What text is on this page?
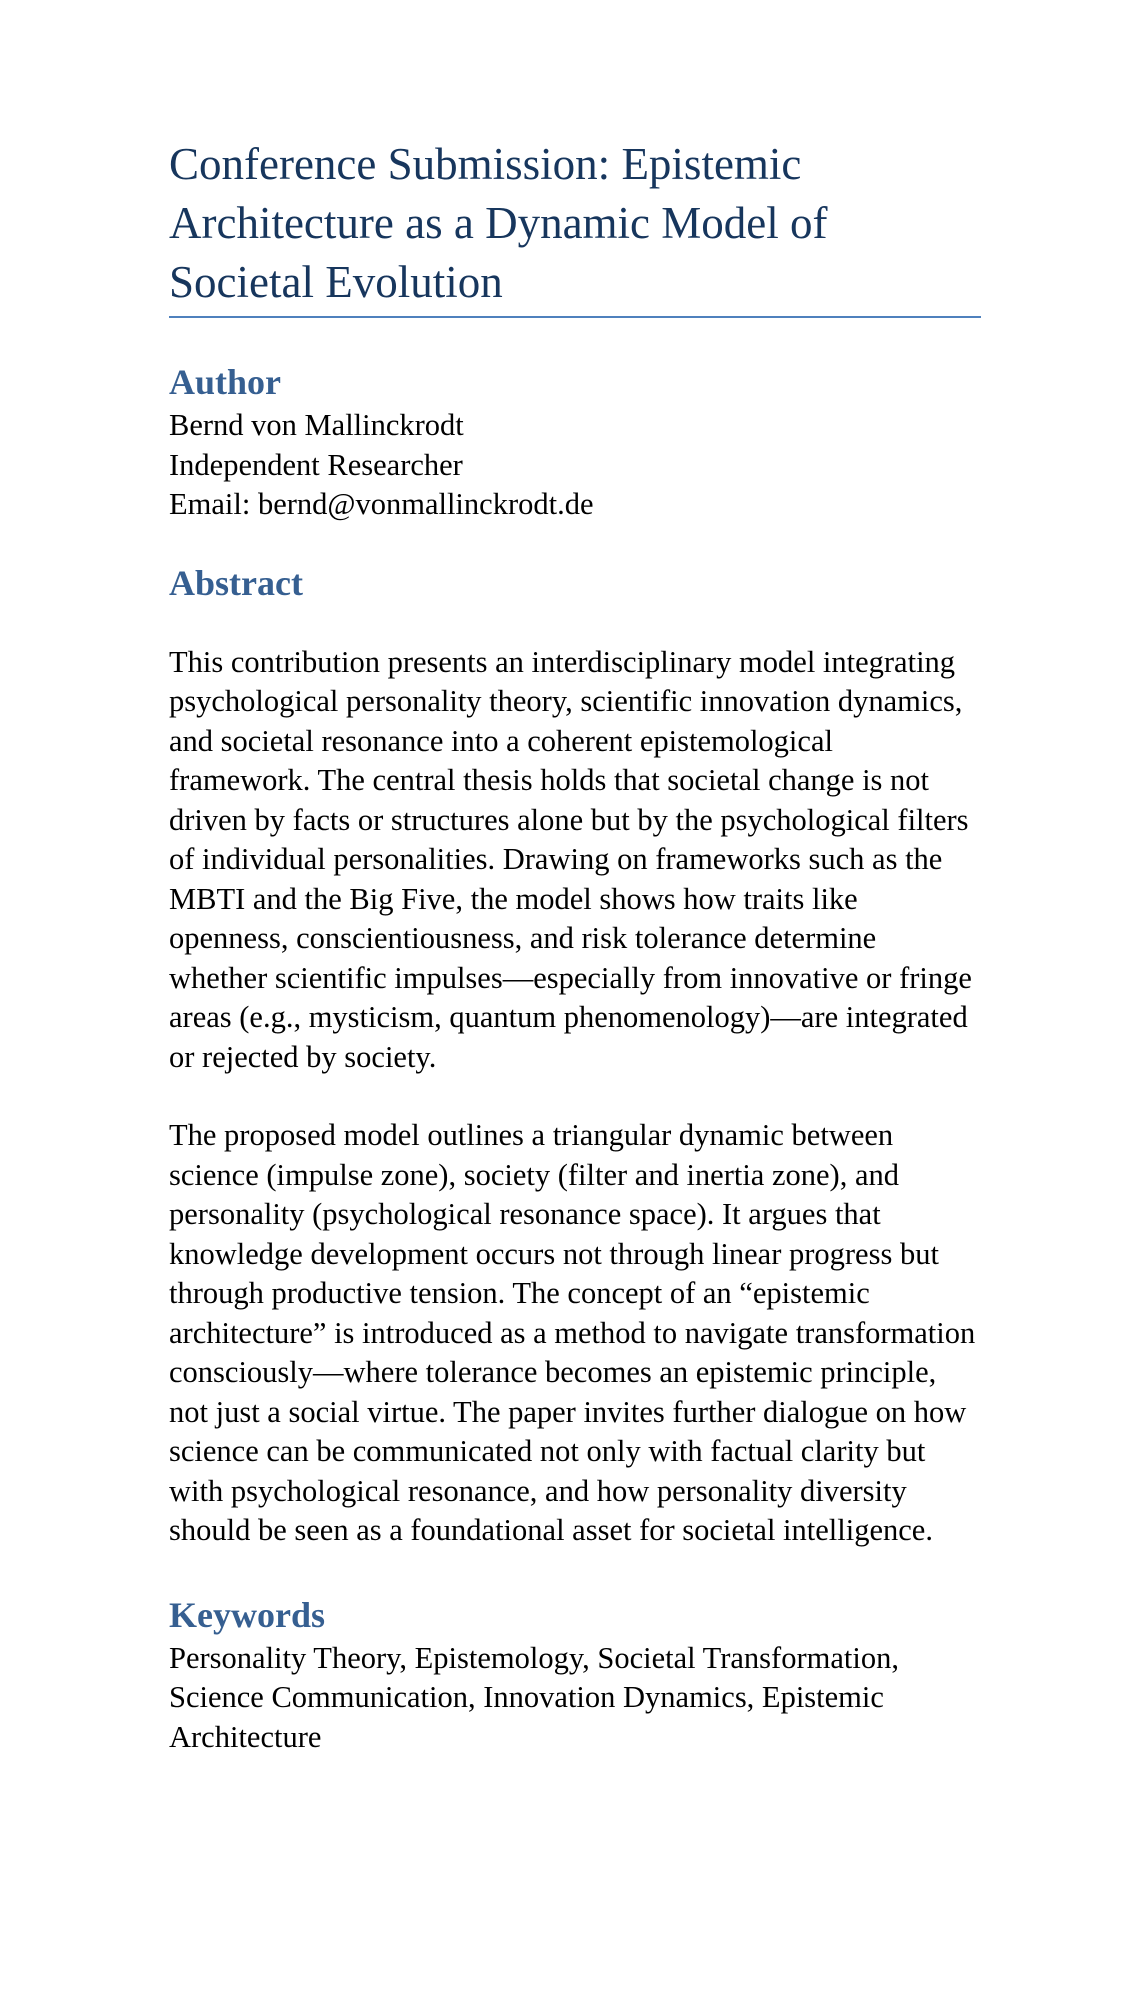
Conference Submission: Epistemic Architecture as a Dynamic Model of Societal Evolution
Author

Bernd von Mallinckrodt
Independent Researcher
Email: bernd@vonmallinckrodt.de

Abstract

This contribution presents an interdisciplinary model integrating psychological personality theory, scientific innovation dynamics, and societal resonance into a coherent epistemological framework. The central thesis holds that societal change is not driven by facts or structures alone but by the psychological filters of individual personalities. Drawing on frameworks such as the MBTI and the Big Five, the model shows how traits like openness, conscientiousness, and risk tolerance determine whether scientific impulses—especially from innovative or fringe areas (e.g., mysticism, quantum phenomenology)—are integrated or rejected by society.

The proposed model outlines a triangular dynamic between science (impulse zone), society (filter and inertia zone), and personality (psychological resonance space). It argues that knowledge development occurs not through linear progress but through productive tension. The concept of an “epistemic architecture” is introduced as a method to navigate transformation consciously—where tolerance becomes an epistemic principle, not just a social virtue. The paper invites further dialogue on how science can be communicated not only with factual clarity but with psychological resonance, and how personality diversity should be seen as a foundational asset for societal intelligence.

Keywords

Personality Theory, Epistemology, Societal Transformation, Science Communication, Innovation Dynamics, Epistemic Architecture
